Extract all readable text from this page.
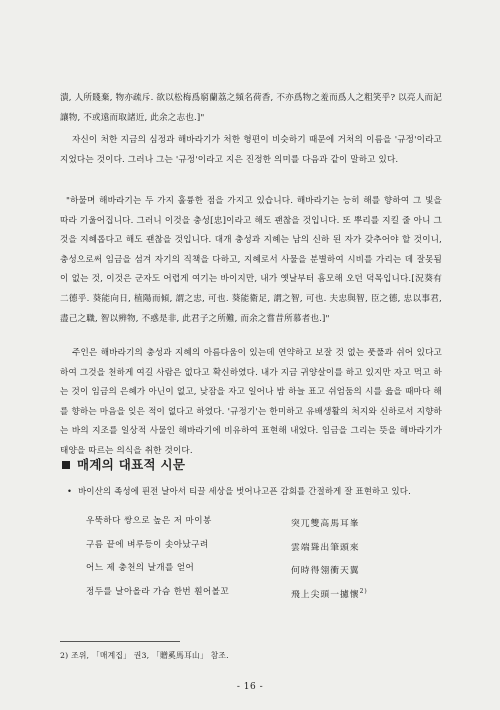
潰, 人所賤棄, 物亦疏斥. 欲以松梅爲窮蘭荔之頻名荷香, 不亦爲物之羞而爲人之粗笑乎? 以亮人而記讓物, 不或遠而取諸近, 此余之志也.]"

자신이 처한 지금의 심정과 해바라기가 처한 형편이 비슷하기 때문에 거처의 이름을 '규정'이라고 지었다는 것이다. 그러나 그는 '규정'이라고 지은 진정한 의미를 다음과 같이 말하고 있다.

"하물며 해바라기는 두 가지 훌륭한 점을 가지고 있습니다. 해바라기는 능히 해를 향하여 그 빛을 따라 기울어집니다. 그러니 이것을 충성[忠]이라고 해도 괜찮을 것입니다. 또 뿌리를 지킬 줄 아니 그것을 지혜롭다고 해도 괜찮을 것입니다. 대개 충성과 지혜는 남의 신하 된 자가 갖추어야 할 것이니, 충성으로써 임금을 섬겨 자기의 직책을 다하고, 지혜로서 사물을 분별하여 시비를 가리는 데 잘못됨이 없는 것, 이것은 군자도 어렵게 여기는 바이지만, 내가 옛날부터 흠모해 오던 덕목입니다.[況葵有二德乎. 葵能向日, 植陽而傾, 謂之忠, 可也. 葵能衛足, 謂之智, 可也. 夫忠與智, 臣之德, 忠以事君, 盡己之職, 智以辨物, 不惑是非, 此君子之所難, 而余之嘗昔所慕者也.]"

주인은 해바라기의 충성과 지혜의 아름다움이 있는데 연약하고 보잘 것 없는 풋풀과 쉬어 있다고 하여 그것을 천하게 여길 사람은 없다고 확신하였다. 내가 지금 귀양살이를 하고 있지만 자고 먹고 하는 것이 임금의 은혜가 아닌이 없고, 낮잠을 자고 일어나 밤 하늘 표고 쉬엄둠의 시를 읊을 때마다 해를 향하는 마음을 잊은 적이 없다고 하였다. '규정기'는 한미하고 유배생활의 처지와 신하로서 지향하는 바의 지조를 일상적 사물인 해바라기에 비유하여 표현해 내었다. 임금을 그리는 뜻을 해바라기가 태양을 따르는 의식을 취한 것이다.

매계의 대표적 시문

• 바이산의 족성에 핀전 날아서 티끌 세상을 벗어나고픈 감회를 간절하게 잘 표현하고 있다.

우뚝하다 쌍으로 높은 저 마이봉	突兀雙高馬耳峯
구름 끝에 벼루등이 솟아났구려	雲端聳出筆頭來
어느 제 충천의 날개를 얻어	何時得翎衝天翼
정두를 날아올라 가슴 한번 훤어볼꼬	飛上尖頭一攄懷$^{2)}$

2) 조위, 「매계집」 권3, 「贈奚馬耳山」 참조.

- 16 -
